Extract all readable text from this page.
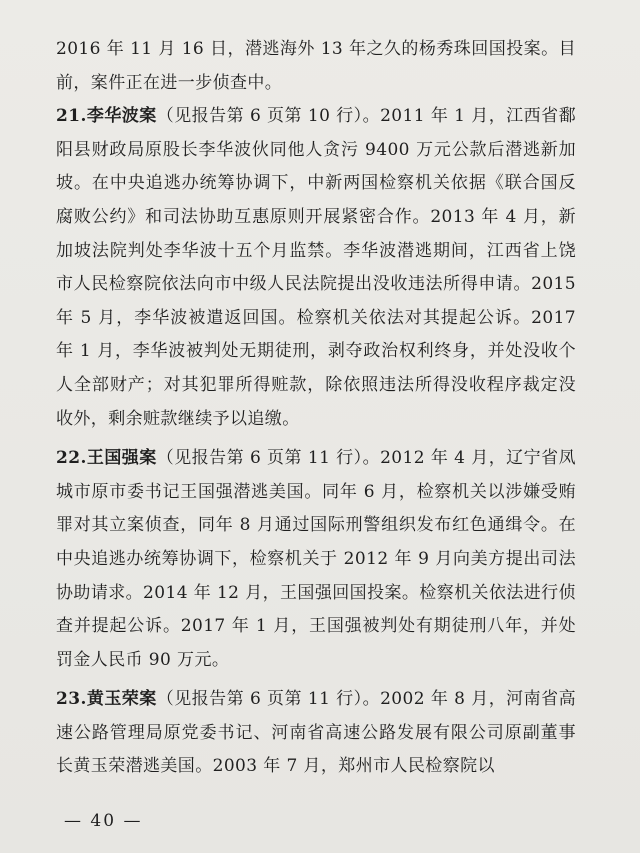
2016 年 11 月 16 日，潜逃海外 13 年之久的杨秀珠回国投案。目前，案件正在进一步侦查中。

21.李华波案（见报告第 6 页第 10 行）。2011 年 1 月，江西省鄱阳县财政局原股长李华波伙同他人贪污 9400 万元公款后潜逃新加坡。在中央追逃办统筹协调下，中新两国检察机关依据《联合国反腐败公约》和司法协助互惠原则开展紧密合作。2013 年 4 月，新加坡法院判处李华波十五个月监禁。李华波潜逃期间，江西省上饶市人民检察院依法向市中级人民法院提出没收违法所得申请。2015 年 5 月，李华波被遣返回国。检察机关依法对其提起公诉。2017 年 1 月，李华波被判处无期徒刑，剥夺政治权利终身，并处没收个人全部财产；对其犯罪所得赃款，除依照违法所得没收程序裁定没收外，剩余赃款继续予以追缴。

22.王国强案（见报告第 6 页第 11 行）。2012 年 4 月，辽宁省凤城市原市委书记王国强潜逃美国。同年 6 月，检察机关以涉嫌受贿罪对其立案侦查，同年 8 月通过国际刑警组织发布红色通缉令。在中央追逃办统筹协调下，检察机关于 2012 年 9 月向美方提出司法协助请求。2014 年 12 月，王国强回国投案。检察机关依法进行侦查并提起公诉。2017 年 1 月，王国强被判处有期徒刑八年，并处罚金人民币 90 万元。

23.黄玉荣案（见报告第 6 页第 11 行）。2002 年 8 月，河南省高速公路管理局原党委书记、河南省高速公路发展有限公司原副董事长黄玉荣潜逃美国。2003 年 7 月，郑州市人民检察院以

— 40 —
